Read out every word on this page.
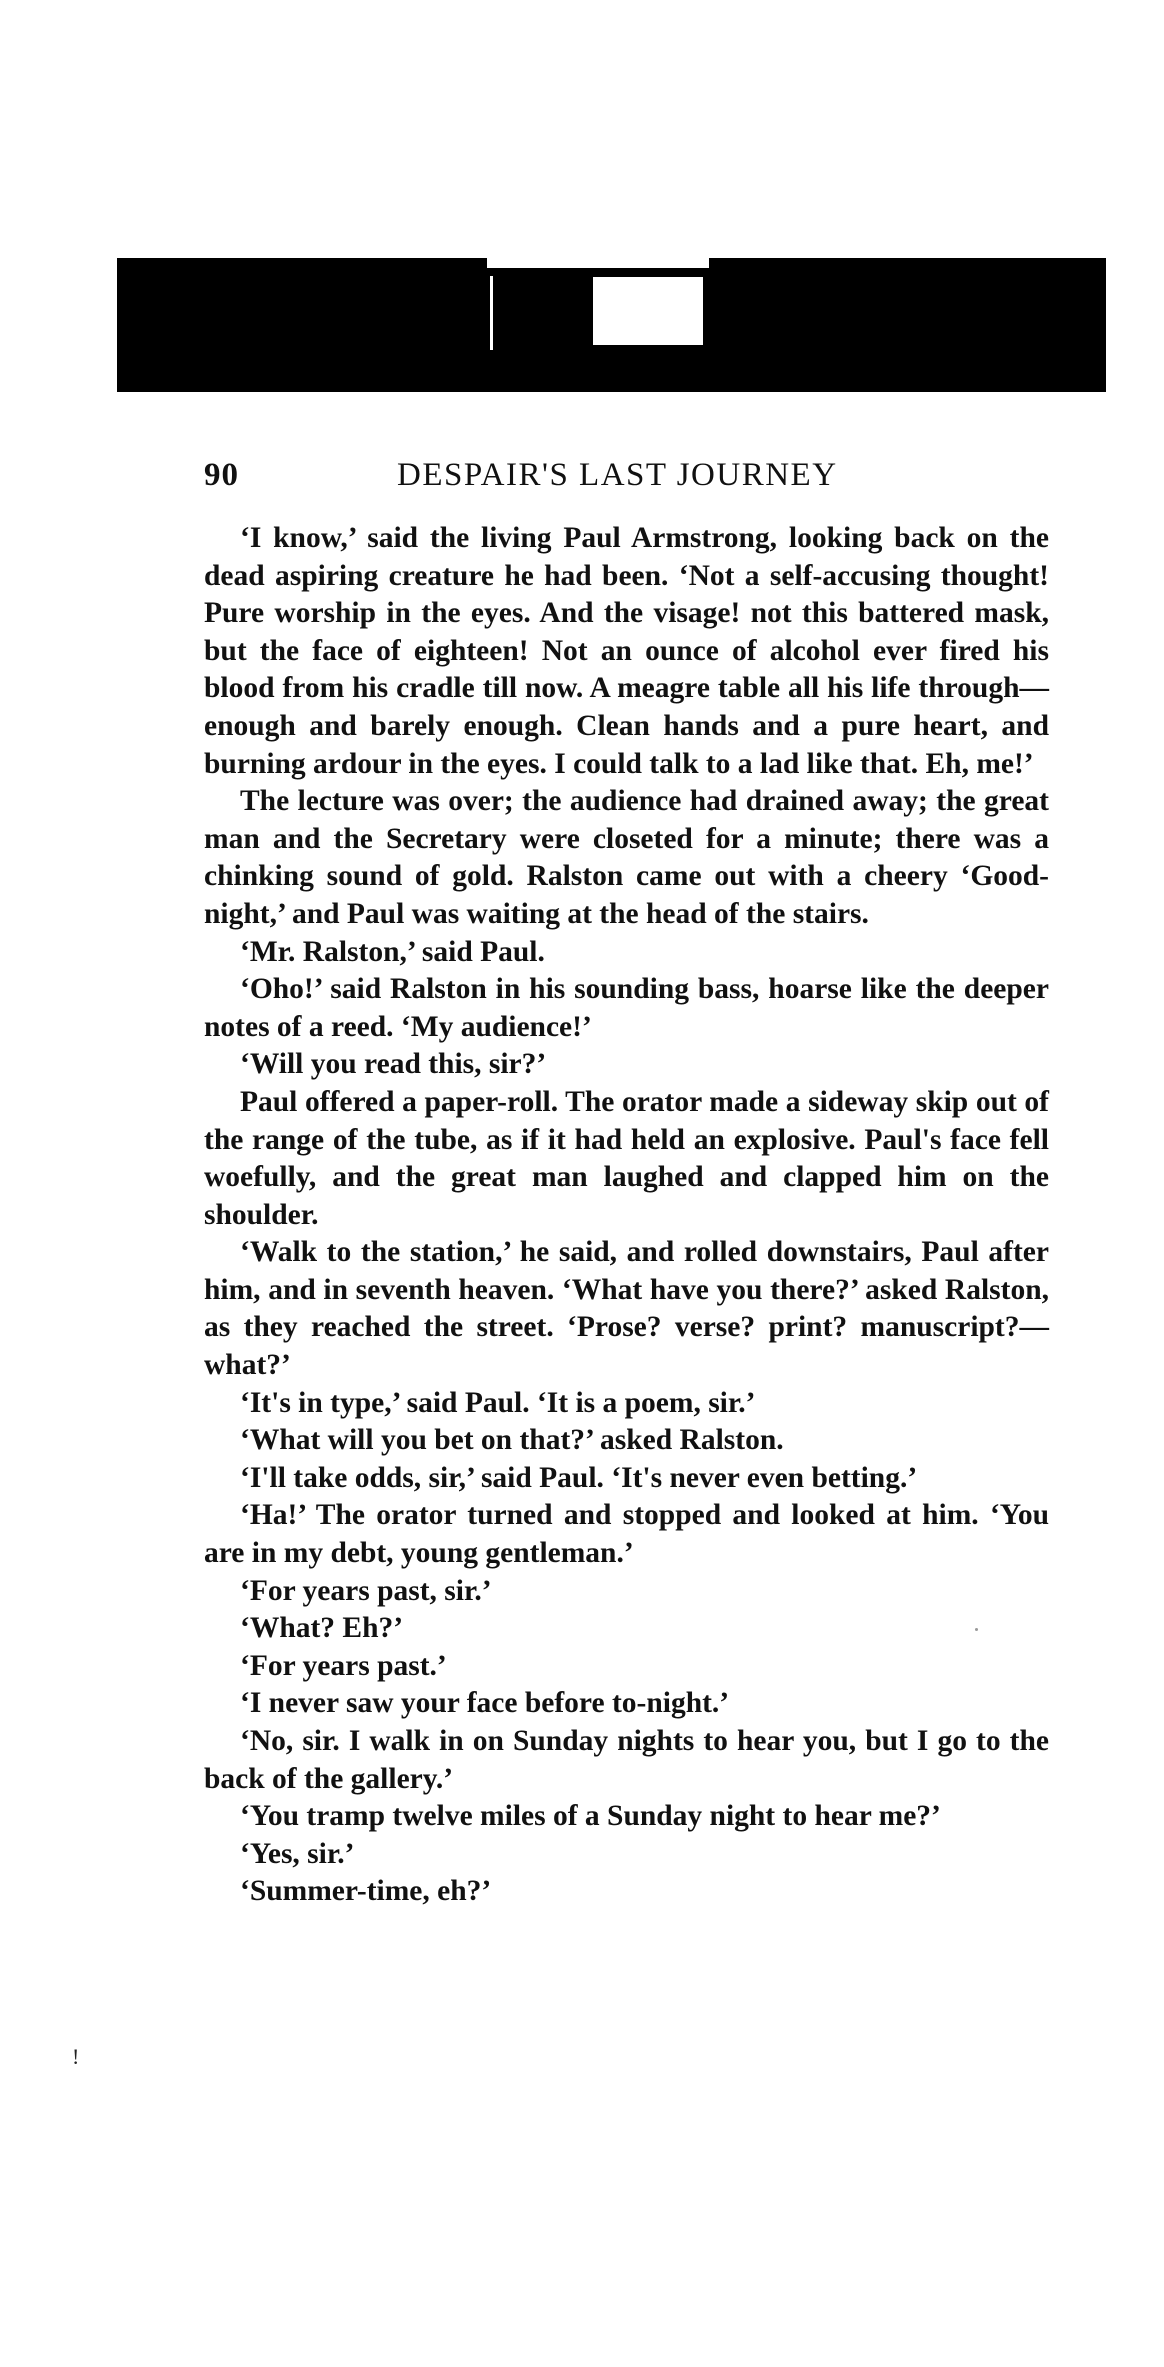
90	DESPAIR'S LAST JOURNEY

‘I know,’ said the living Paul Armstrong, looking back on the dead aspiring creature he had been. ‘Not a self-accusing thought! Pure worship in the eyes. And the visage! not this battered mask, but the face of eighteen! Not an ounce of alcohol ever fired his blood from his cradle till now. A meagre table all his life through—enough and barely enough. Clean hands and a pure heart, and burning ardour in the eyes. I could talk to a lad like that. Eh, me!’

The lecture was over; the audience had drained away; the great man and the Secretary were closeted for a minute; there was a chinking sound of gold. Ralston came out with a cheery ‘Good-night,’ and Paul was waiting at the head of the stairs.

‘Mr. Ralston,’ said Paul.

‘Oho!’ said Ralston in his sounding bass, hoarse like the deeper notes of a reed. ‘My audience!’

‘Will you read this, sir?’

Paul offered a paper-roll. The orator made a sideway skip out of the range of the tube, as if it had held an explosive. Paul's face fell woefully, and the great man laughed and clapped him on the shoulder.

‘Walk to the station,’ he said, and rolled downstairs, Paul after him, and in seventh heaven. ‘What have you there?’ asked Ralston, as they reached the street. ‘Prose? verse? print? manuscript?—what?’

‘It's in type,’ said Paul. ‘It is a poem, sir.’

‘What will you bet on that?’ asked Ralston.

‘I'll take odds, sir,’ said Paul. ‘It's never even betting.’

‘Ha!’ The orator turned and stopped and looked at him. ‘You are in my debt, young gentleman.’

‘For years past, sir.’

‘What? Eh?’

‘For years past.’

‘I never saw your face before to-night.’

‘No, sir. I walk in on Sunday nights to hear you, but I go to the back of the gallery.’

‘You tramp twelve miles of a Sunday night to hear me?’

‘Yes, sir.’

‘Summer-time, eh?’

!
